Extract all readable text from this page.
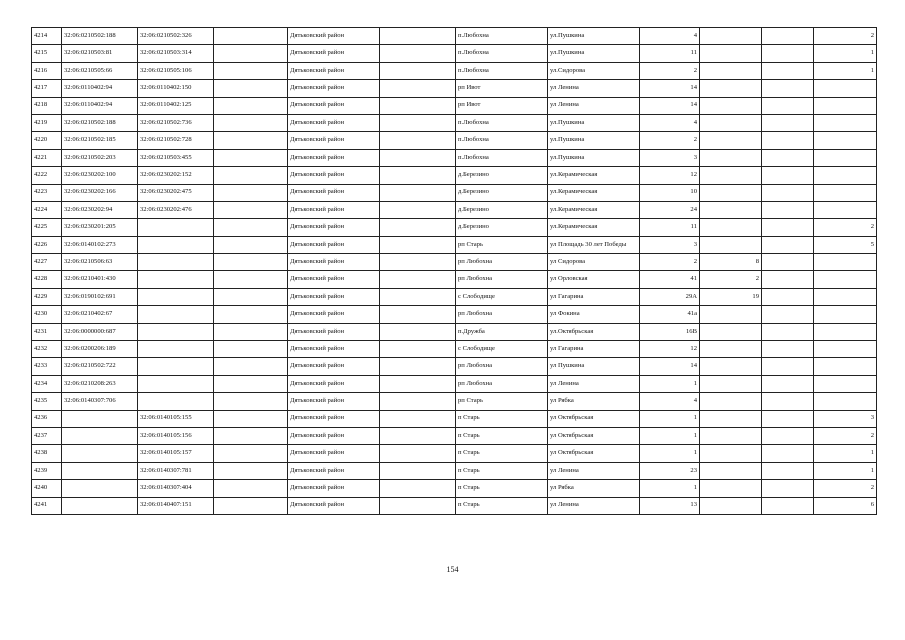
4214	32:06:0210502:188	32:06:0210502:326		Дятьковский район		п.Любохна	ул.Пушкина	4			2
4215	32:06:0210503:81	32:06:0210503:314		Дятьковский район		п.Любохна	ул.Пушкина	11			1
4216	32:06:0210505:66	32:06:0210505:106		Дятьковский район		п.Любохна	ул.Сидорова	2			1
4217	32:06:0110402:94	32:06:0110402:150		Дятьковский район		рп Ивот	ул Ленина	14			
4218	32:06:0110402:94	32:06:0110402:125		Дятьковский район		рп Ивот	ул Ленина	14			
4219	32:06:0210502:188	32:06:0210502:736		Дятьковский район		п.Любохна	ул.Пушкина	4			
4220	32:06:0210502:185	32:06:0210502:728		Дятьковский район		п.Любохна	ул.Пушкина	2			
4221	32:06:0210502:203	32:06:0210503:455		Дятьковский район		п.Любохна	ул.Пушкина	3			
4222	32:06:0230202:100	32:06:0230202:152		Дятьковский район		д.Березино	ул.Керамическая	12			
4223	32:06:0230202:166	32:06:0230202:475		Дятьковский район		д.Березино	ул.Керамическая	10			
4224	32:06:0230202:94	32:06:0230202:476		Дятьковский район		д.Березино	ул.Керамическая	24			
4225	32:06:0230201:205			Дятьковский район		д.Березино	ул.Керамическая	11			2
4226	32:06:0140102:273			Дятьковский район		рп Старь	ул Площадь 30 лет Победы	3			5
4227	32:06:0210506:63			Дятьковский район		рп Любохна	ул Сидорова	2	8		
4228	32:06:0210401:430			Дятьковский район		рп Любохна	ул Орловская	41	2		
4229	32:06:0190102:691			Дятьковский район		с Слободище	ул Гагарина	29А	19		
4230	32:06:0210402:67			Дятьковский район		рп Любохна	ул Фокина	41а			
4231	32:06:0000000:687			Дятьковский район		п.Дружба	ул.Октябрьская	16В			
4232	32:06:0200206:189			Дятьковский район		с Слободище	ул Гагарина	12			
4233	32:06:0210502:722			Дятьковский район		рп Любохна	ул Пушкина	14			
4234	32:06:0210208:263			Дятьковский район		рп Любохна	ул Ленина	1			
4235	32:06:0140307:706			Дятьковский район		рп Старь	ул Рябка	4			
4236		32:06:0140105:155		Дятьковский район		п Старь	ул Октябрьская	1			3
4237		32:06:0140105:156		Дятьковский район		п Старь	ул Октябрьская	1			2
4238		32:06:0140105:157		Дятьковский район		п Старь	ул Октябрьская	1			1
4239		32:06:0140307:781		Дятьковский район		п Старь	ул Ленина	23			1
4240		32:06:0140307:404		Дятьковский район		п Старь	ул Рябка	1			2
4241		32:06:0140407:151		Дятьковский район		п Старь	ул Ленина	13			6
154
